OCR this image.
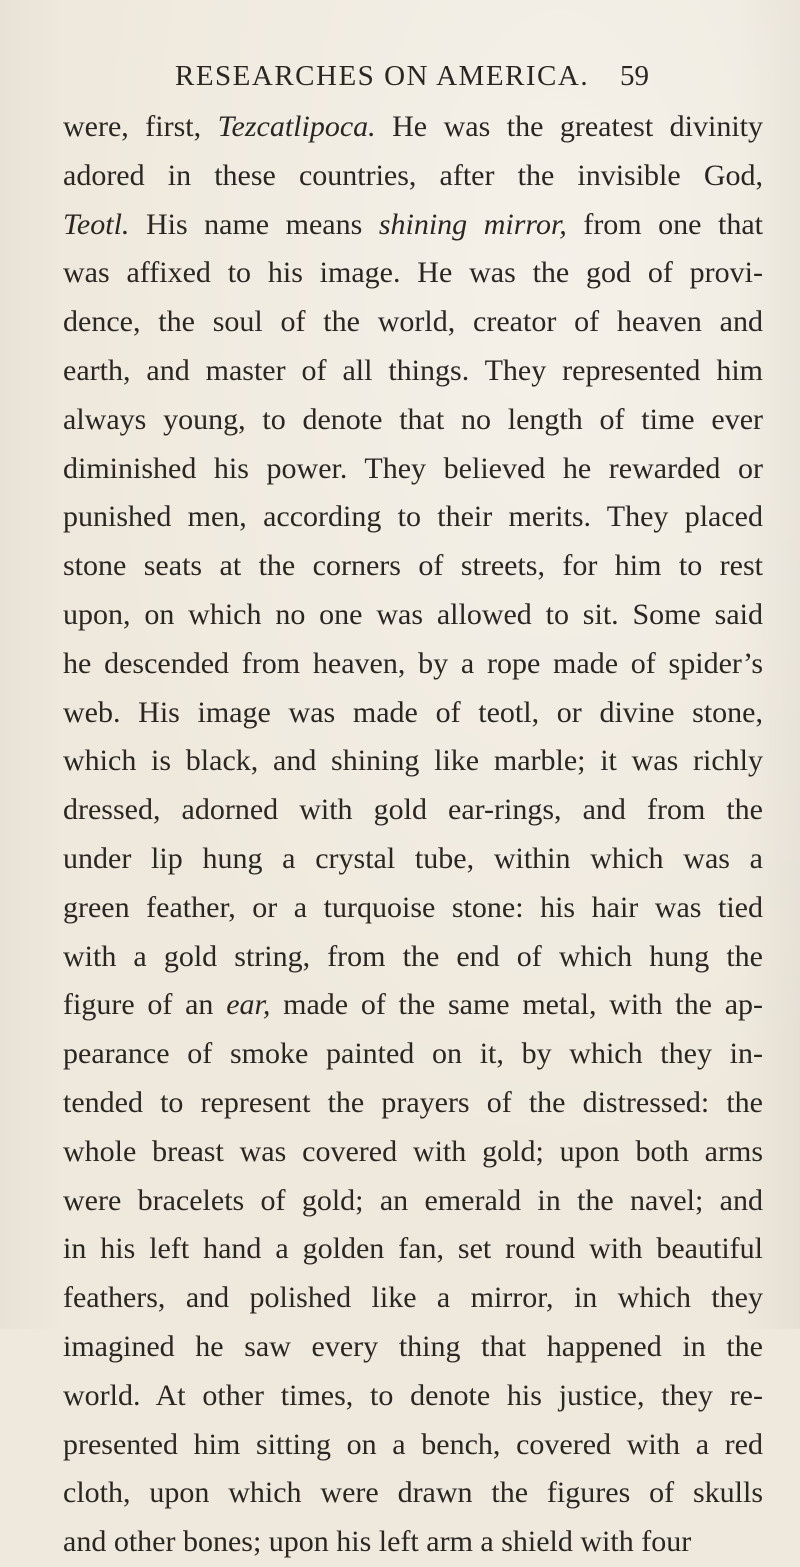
RESEARCHES ON AMERICA. 59
were, first, Tezcatlipoca. He was the greatest divinity
adored in these countries, after the invisible God,
Teotl. His name means shining mirror, from one that
was affixed to his image. He was the god of provi-
dence, the soul of the world, creator of heaven and
earth, and master of all things. They represented him
always young, to denote that no length of time ever
diminished his power. They believed he rewarded or
punished men, according to their merits. They placed
stone seats at the corners of streets, for him to rest
upon, on which no one was allowed to sit. Some said
he descended from heaven, by a rope made of spider’s
web. His image was made of teotl, or divine stone,
which is black, and shining like marble; it was richly
dressed, adorned with gold ear-rings, and from the
under lip hung a crystal tube, within which was a
green feather, or a turquoise stone: his hair was tied
with a gold string, from the end of which hung the
figure of an ear, made of the same metal, with the ap-
pearance of smoke painted on it, by which they in-
tended to represent the prayers of the distressed: the
whole breast was covered with gold; upon both arms
were bracelets of gold; an emerald in the navel; and
in his left hand a golden fan, set round with beautiful
feathers, and polished like a mirror, in which they
imagined he saw every thing that happened in the
world. At other times, to denote his justice, they re-
presented him sitting on a bench, covered with a red
cloth, upon which were drawn the figures of skulls
and other bones; upon his left arm a shield with four
